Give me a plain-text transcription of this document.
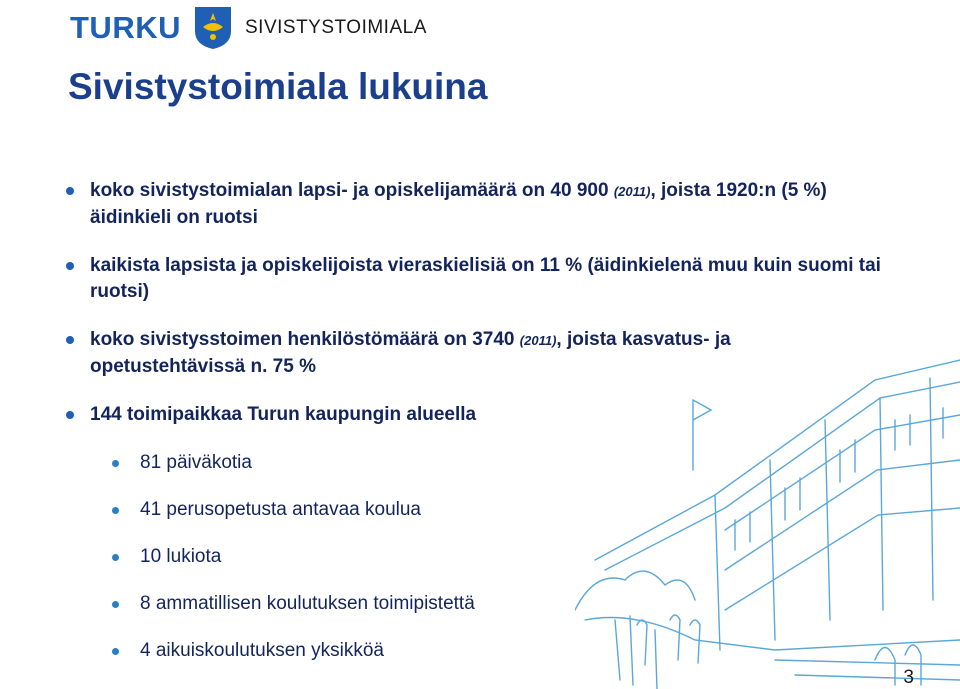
TURKU	SIVISTYSTOIMIALA
Sivistystoimiala lukuina
koko sivistystoimialan lapsi- ja opiskelijamäärä on 40 900 (2011), joista 1920:n (5 %) äidinkieli on ruotsi
kaikista lapsista ja opiskelijoista vieraskielisiä on 11 % (äidinkielenä muu kuin suomi tai ruotsi)
koko sivistysstoimen henkilöstömäärä on 3740 (2011), joista kasvatus- ja opetustehtävissä n. 75 %
144 toimipaikkaa Turun kaupungin alueella
81 päiväkotia
41 perusopetusta antavaa koulua
10 lukiota
8 ammatillisen koulutuksen toimipistettä
4 aikuiskoulutuksen yksikköä
3
